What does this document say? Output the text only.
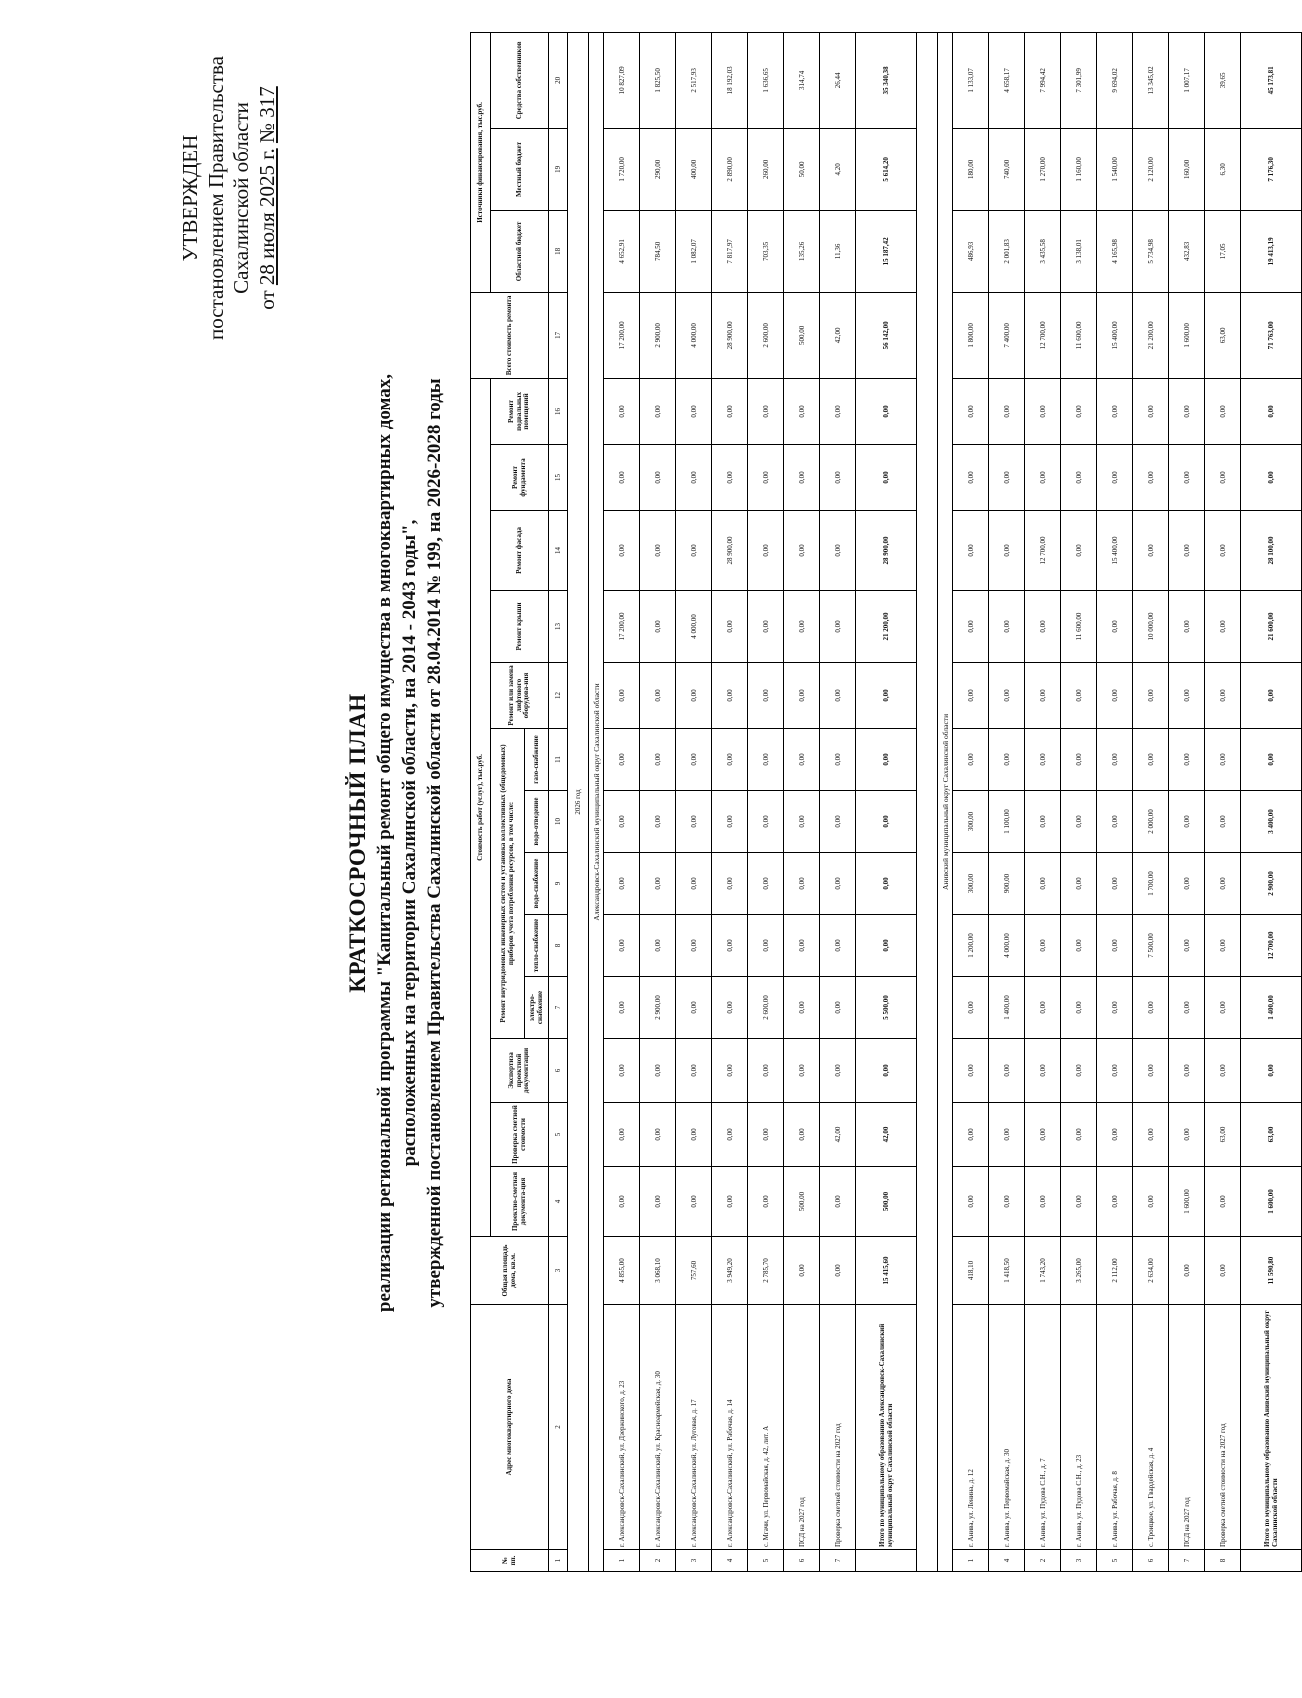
УТВЕРЖДЕН постановлением Правительства Сахалинской области
от 28 июля 2025 г. № 317
КРАТКОСРОЧНЫЙ ПЛАН реализации региональной программы "Капитальный ремонт общего имущества в многоквартирных домах, расположенных на территории Сахалинской области, на 2014 - 2043 годы", утвержденной постановлением Правительства Сахалинской области от 28.04.2014 № 199, на 2026-2028 годы
№ пп.	Адрес многоквартирного дома	Общая площадь дома, кв.м.	Стоимость работ (услуг), тыс.руб.													Всего стоимость ремонта	Источники финансирования, тыс.руб.		
			Проектно-сметная документа-ция	Проверка сметной стоимости	Экспертиза проектной документации	Ремонт внутридомовых инженерных систем и установка коллективных (общедомовых) приборов учета потребления ресурсов, в том числе:					Ремонт или замена лифтового оборудова-ния	Ремонт крыши	Ремонт фасада	Ремонт фундамента	Ремонт подвальных помещений		Областной бюджет	Местный бюджет	Средства собственников
						электро-снабжение	тепло-снабжение	водо-снабжение	водо-отведение	газо-снабжение									
1	2	3	4	5	6	7	8	9	10	11	12	13	14	15	16	17	18	19	20
2026 год																			
Александровск-Сахалинский муниципальный округ Сахалинской области																			
1	г. Александровск-Сахалинский, ул. Дзержинского, д. 23	4 855,00	0,00	0,00	0,00	0,00	0,00	0,00	0,00	0,00	0,00	17 200,00	0,00	0,00	0,00	17 200,00	4 652,91	1 720,00	10 827,09
2	г. Александровск-Сахалинский, ул. Красноармейская, д. 30	3 068,10	0,00	0,00	0,00	2 900,00	0,00	0,00	0,00	0,00	0,00	0,00	0,00	0,00	0,00	2 900,00	784,50	290,00	1 825,50
3	г. Александровск-Сахалинский, ул. Луговая, д. 17	757,60	0,00	0,00	0,00	0,00	0,00	0,00	0,00	0,00	0,00	4 000,00	0,00	0,00	0,00	4 000,00	1 082,07	400,00	2 517,93
4	г. Александровск-Сахалинский, ул. Рабочая, д. 14	3 949,20	0,00	0,00	0,00	0,00	0,00	0,00	0,00	0,00	0,00	0,00	28 900,00	0,00	0,00	28 900,00	7 817,97	2 890,00	18 192,03
5	с. Мгачи, ул. Первомайская, д. 42, лит. А	2 785,70	0,00	0,00	0,00	2 600,00	0,00	0,00	0,00	0,00	0,00	0,00	0,00	0,00	0,00	2 600,00	703,35	260,00	1 636,65
6	ПСД на 2027 год	0,00	500,00	0,00	0,00	0,00	0,00	0,00	0,00	0,00	0,00	0,00	0,00	0,00	0,00	500,00	135,26	50,00	314,74
7	Проверка сметной стоимости на 2027 год	0,00	0,00	42,00	0,00	0,00	0,00	0,00	0,00	0,00	0,00	0,00	0,00	0,00	0,00	42,00	11,36	4,20	26,44
	Итого по муниципальному образованию Александровск-Сахалинский муниципальный округ Сахалинской области	15 415,60	500,00	42,00	0,00	5 500,00	0,00	0,00	0,00	0,00	0,00	21 200,00	28 900,00	0,00	0,00	56 142,00	15 187,42	5 614,20	35 340,38

Анивский муниципальный округ Сахалинской области																			
1	г. Анива, ул. Ленина, д. 12	418,10	0,00	0,00	0,00	0,00	1 200,00	300,00	300,00	0,00	0,00	0,00	0,00	0,00	0,00	1 800,00	486,93	180,00	1 133,07
4	г. Анива, ул. Первомайская, д. 30	1 418,50	0,00	0,00	0,00	1 400,00	4 000,00	900,00	1 100,00	0,00	0,00	0,00	0,00	0,00	0,00	7 400,00	2 001,83	740,00	4 658,17
2	г. Анива, ул. Пудова С.Н., д. 7	1 743,20	0,00	0,00	0,00	0,00	0,00	0,00	0,00	0,00	0,00	0,00	12 700,00	0,00	0,00	12 700,00	3 435,58	1 270,00	7 994,42
3	г. Анива, ул. Пудова С.Н., д. 23	3 265,00	0,00	0,00	0,00	0,00	0,00	0,00	0,00	0,00	0,00	11 600,00	0,00	0,00	0,00	11 600,00	3 138,01	1 160,00	7 301,99
5	г. Анива, ул. Рабочая, д. 8	2 112,00	0,00	0,00	0,00	0,00	0,00	0,00	0,00	0,00	0,00	0,00	15 400,00	0,00	0,00	15 400,00	4 165,98	1 540,00	9 694,02
6	с. Троицкое, ул. Гвардейская, д. 4	2 634,00	0,00	0,00	0,00	0,00	7 500,00	1 700,00	2 000,00	0,00	0,00	10 000,00	0,00	0,00	0,00	21 200,00	5 734,98	2 120,00	13 345,02
7	ПСД на 2027 год	0,00	1 600,00	0,00	0,00	0,00	0,00	0,00	0,00	0,00	0,00	0,00	0,00	0,00	0,00	1 600,00	432,83	160,00	1 007,17
8	Проверка сметной стоимости на 2027 год	0,00	0,00	63,00	0,00	0,00	0,00	0,00	0,00	0,00	0,00	0,00	0,00	0,00	0,00	63,00	17,05	6,30	39,65
	Итого по муниципальному образованию Анивский муниципальный округ Сахалинской области	11 590,80	1 600,00	63,00	0,00	1 400,00	12 700,00	2 900,00	3 400,00	0,00	0,00	21 600,00	28 100,00	0,00	0,00	71 763,00	19 413,19	7 176,30	45 173,81
